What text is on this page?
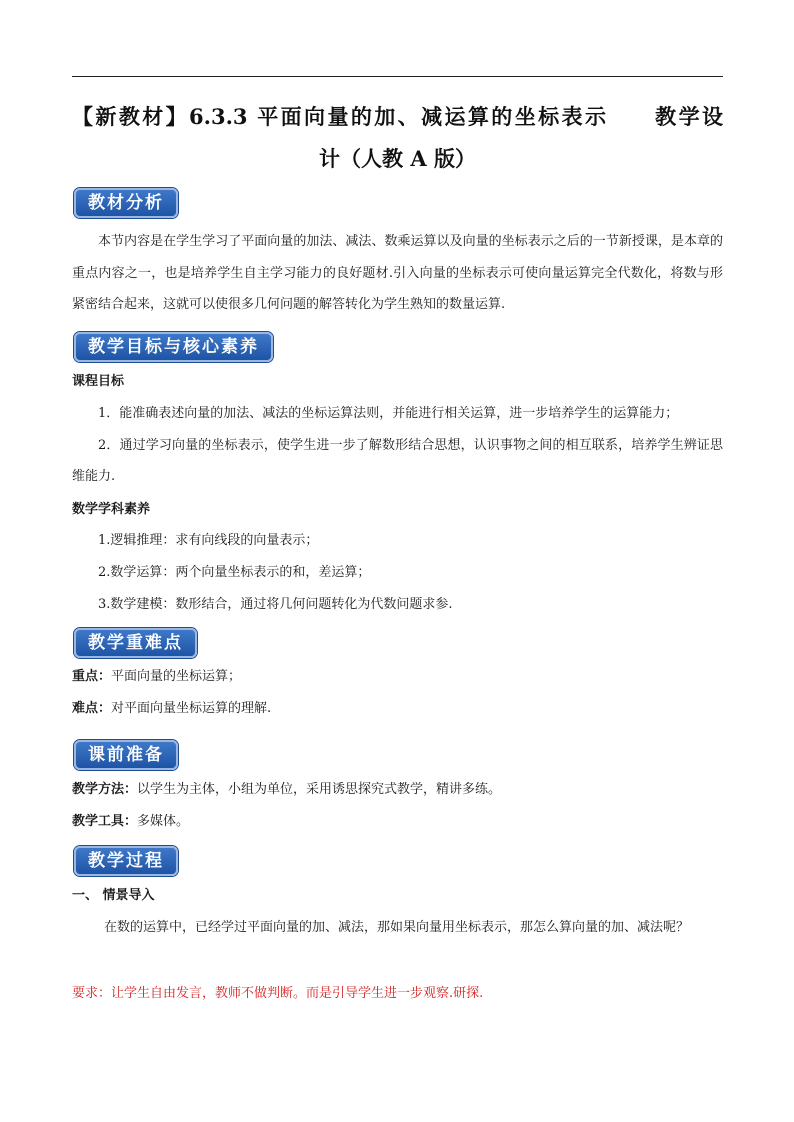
【新教材】6.3.3 平面向量的加、减运算的坐标表示　　教学设
计（人教 A 版）
教材分析
本节内容是在学生学习了平面向量的加法、减法、数乘运算以及向量的坐标表示之后的一节新授课，是本章的重点内容之一，也是培养学生自主学习能力的良好题材.引入向量的坐标表示可使向量运算完全代数化，将数与形紧密结合起来，这就可以使很多几何问题的解答转化为学生熟知的数量运算.
教学目标与核心素养
课程目标
1．能准确表述向量的加法、减法的坐标运算法则，并能进行相关运算，进一步培养学生的运算能力；
2．通过学习向量的坐标表示，使学生进一步了解数形结合思想，认识事物之间的相互联系，培养学生辨证思维能力.
数学学科素养
1.逻辑推理：求有向线段的向量表示；
2.数学运算：两个向量坐标表示的和，差运算；
3.数学建模：数形结合，通过将几何问题转化为代数问题求参.
教学重难点
重点：平面向量的坐标运算；
难点：对平面向量坐标运算的理解.
课前准备
教学方法：以学生为主体，小组为单位，采用诱思探究式教学，精讲多练。
教学工具：多媒体。
教学过程
一、 情景导入
在数的运算中，已经学过平面向量的加、减法，那如果向量用坐标表示，那怎么算向量的加、减法呢？
要求：让学生自由发言，教师不做判断。而是引导学生进一步观察.研探.
